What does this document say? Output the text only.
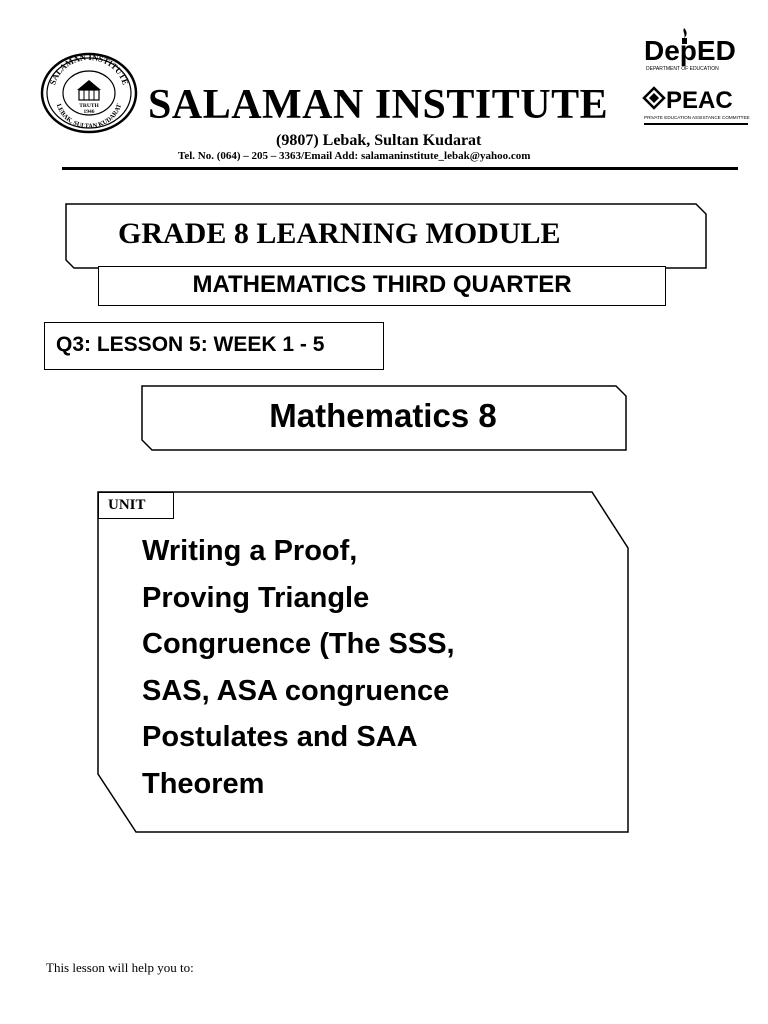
SALAMAN INSTITUTE
LEBAK, SULTAN KUDARAT
TRUTH
1946 SALAMAN INSTITUTE
(9807) Lebak, Sultan Kudarat
Tel. No. (064) – 205 – 3363/Email Add: salamaninstitute_lebak@yahoo.com
DepED
DEPARTMENT OF EDUCATION
PEAC
PRIVATE EDUCATION ASSISTANCE COMMITTEE
GRADE 8 LEARNING MODULE
MATHEMATICS THIRD QUARTER
Q3: LESSON 5: WEEK 1 - 5
Mathematics 8
UNIT
Writing a Proof,
Proving Triangle
Congruence (The SSS,
SAS, ASA congruence
Postulates and SAA
Theorem
This lesson will help you to:
